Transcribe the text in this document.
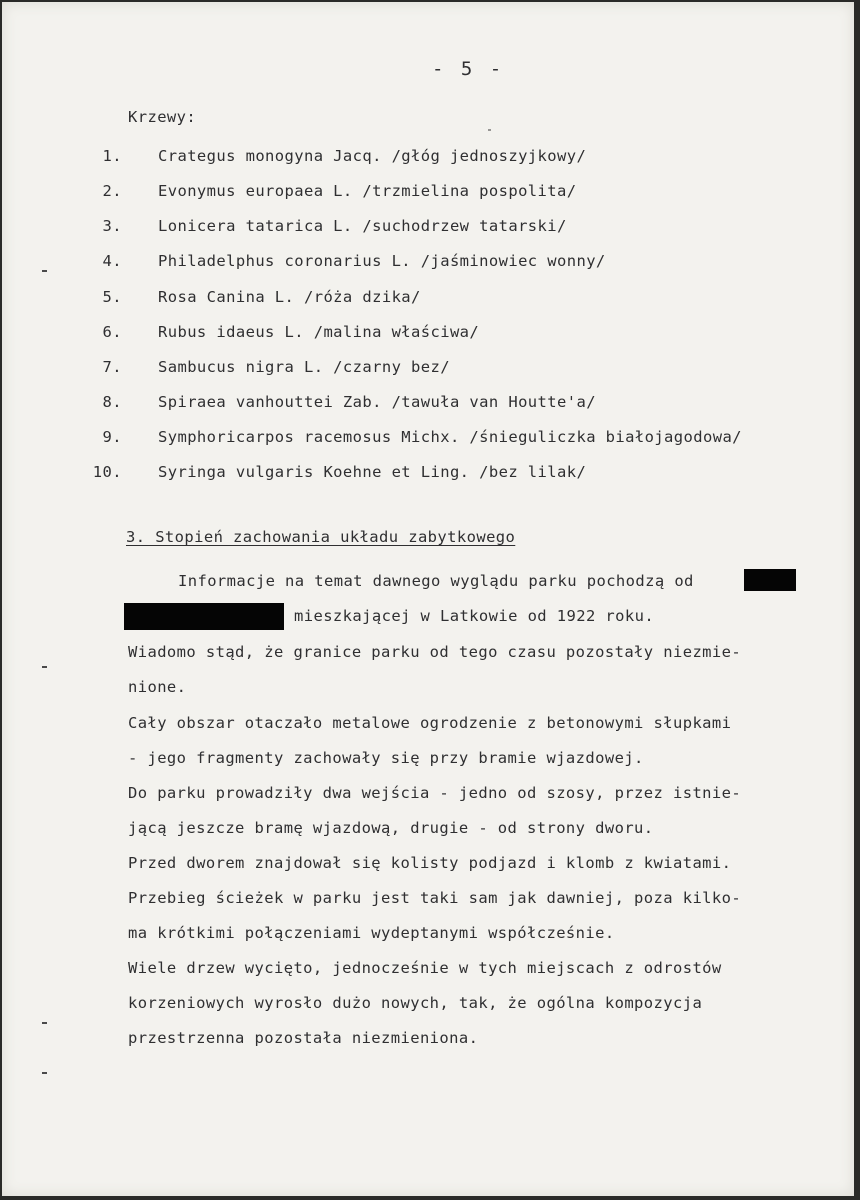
- 5 -
Krzewy:
1. Crategus monogyna Jacq. /głóg jednoszyjkowy/
2. Evonymus europaea L. /trzmielina pospolita/
3. Lonicera tatarica L. /suchodrzew tatarski/
4. Philadelphus coronarius L. /jaśminowiec wonny/
5. Rosa Canina L. /róża dzika/
6. Rubus idaeus L. /malina właściwa/
7. Sambucus nigra L. /czarny bez/
8. Spiraea vanhouttei Zab. /tawuła van Houtte'a/
9. Symphoricarpos racemosus Michx. /śnieguliczka białojagodowa/
10. Syringa vulgaris Koehne et Ling. /bez lilak/
3. Stopień zachowania układu zabytkowego
Informacje na temat dawnego wyglądu parku pochodzą od
mieszkającej w Latkowie od 1922 roku.
Wiadomo stąd, że granice parku od tego czasu pozostały niezmie-
nione.
Cały obszar otaczało metalowe ogrodzenie z betonowymi słupkami
- jego fragmenty zachowały się przy bramie wjazdowej.
Do parku prowadziły dwa wejścia - jedno od szosy, przez istnie-
jącą jeszcze bramę wjazdową, drugie - od strony dworu.
Przed dworem znajdował się kolisty podjazd i klomb z kwiatami.
Przebieg ścieżek w parku jest taki sam jak dawniej, poza kilko-
ma krótkimi połączeniami wydeptanymi współcześnie.
Wiele drzew wycięto, jednocześnie w tych miejscach z odrostów
korzeniowych wyrosło dużo nowych, tak, że ogólna kompozycja
przestrzenna pozostała niezmieniona.
